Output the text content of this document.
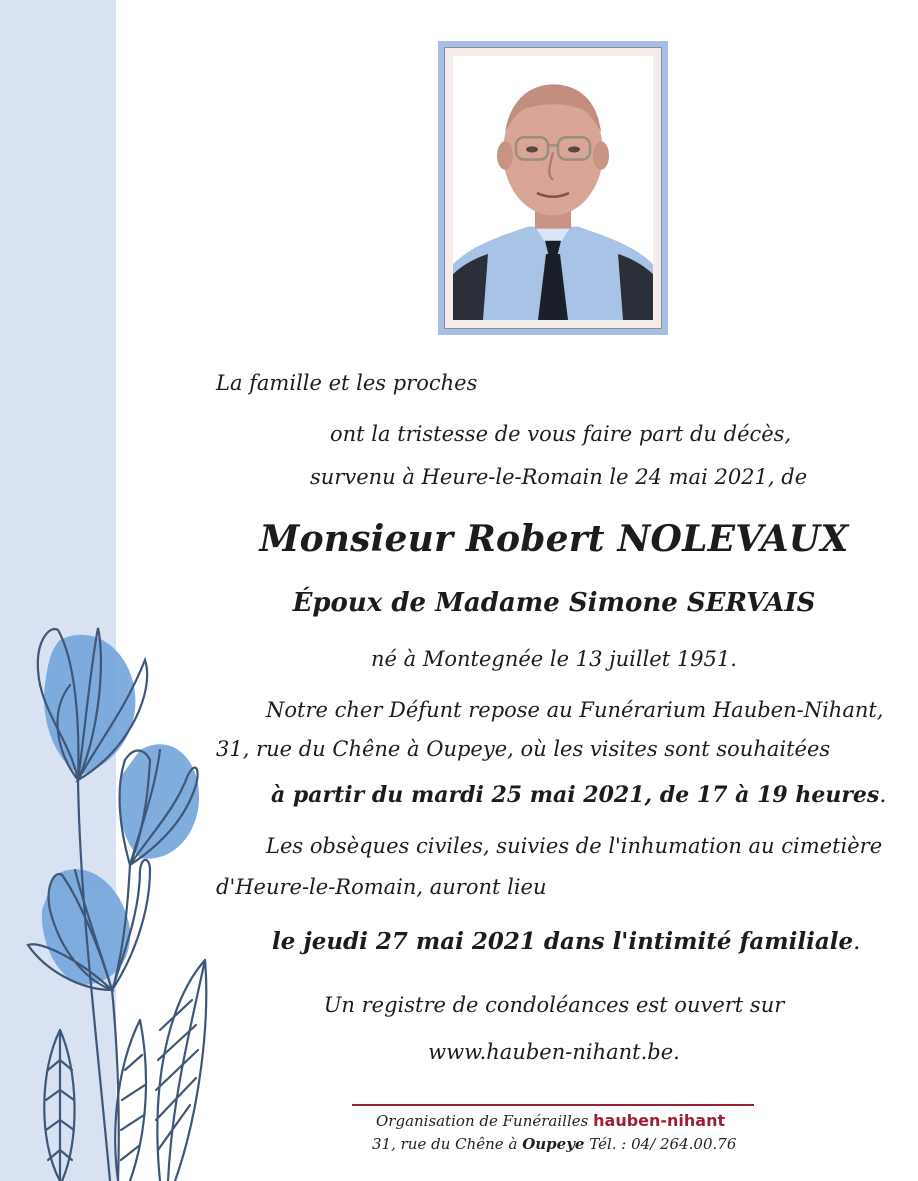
La famille et les proches

ont la tristesse de vous faire part du décès,

survenu à Heure-le-Romain le 24 mai 2021, de

Monsieur Robert NOLEVAUX
Époux de Madame Simone SERVAIS

né à Montegnée le 13 juillet 1951.

Notre cher Défunt repose au Funérarium Hauben-Nihant,

31, rue du Chêne à Oupeye, où les visites sont souhaitées

à partir du mardi 25 mai 2021, de 17 à 19 heures.

Les obsèques civiles, suivies de l'inhumation au cimetière

d'Heure-le-Romain, auront lieu

le jeudi 27 mai 2021 dans l'intimité familiale.

Un registre de condoléances est ouvert sur

www.hauben-nihant.be.

Organisation de Funérailles hauben-nihant
31, rue du Chêne à Oupeye Tél. : 04/ 264.00.76
